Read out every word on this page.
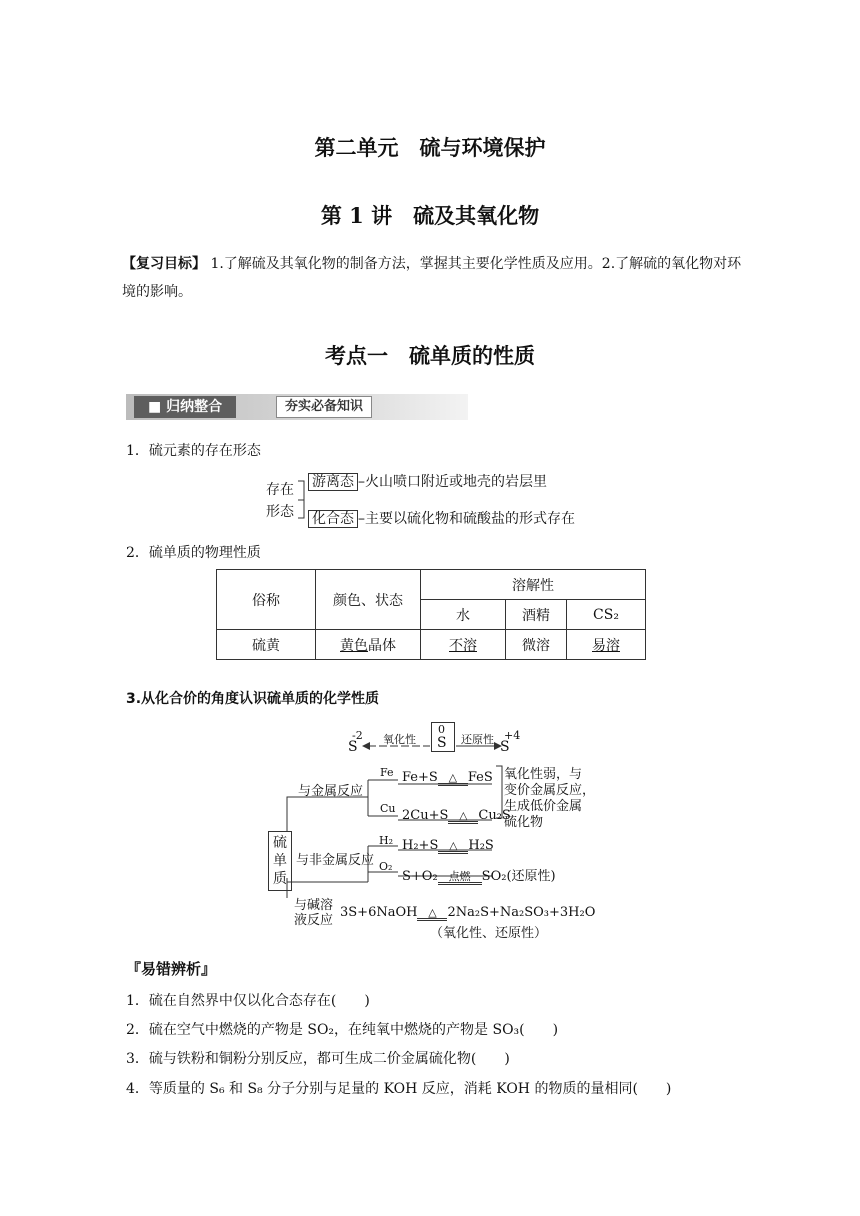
第二单元　硫与环境保护
第 1 讲　硫及其氧化物
【复习目标】 1.了解硫及其氧化物的制备方法，掌握其主要化学性质及应用。2.了解硫的氧化物对环境的影响。
考点一　硫单质的性质
■ 归纳整合	夯实必备知识
1．硫元素的存在形态
存在
形态
游离态 –火山喷口附近或地壳的岩层里
化合态 –主要以硫化物和硫酸盐的形式存在
2．硫单质的物理性质
俗称	颜色、状态	溶解性		
		水	酒精	CS₂
硫黄	黄色晶体	不溶	微溶	易溶
3.从化合价的角度认识硫单质的化学性质
-2
S 氧化性
0
S 还原性 +4
S
硫
单
质
与金属反应
Fe Fe+S △ FeS
Cu 2Cu+S △ Cu₂S
氧化性弱，与
变价金属反应，
生成低价金属
硫化物
与非金属反应
H₂ H₂+S △ H₂S
O₂
S+O₂ 点燃 SO₂(还原性)
与碱溶
液反应
3S+6NaOH △ 2Na₂S+Na₂SO₃+3H₂O
（氧化性、还原性）
『易错辨析』
1．硫在自然界中仅以化合态存在(　　)
2．硫在空气中燃烧的产物是 SO₂，在纯氧中燃烧的产物是 SO₃(　　)
3．硫与铁粉和铜粉分别反应，都可生成二价金属硫化物(　　)
4．等质量的 S₆ 和 S₈ 分子分别与足量的 KOH 反应，消耗 KOH 的物质的量相同(　　)
